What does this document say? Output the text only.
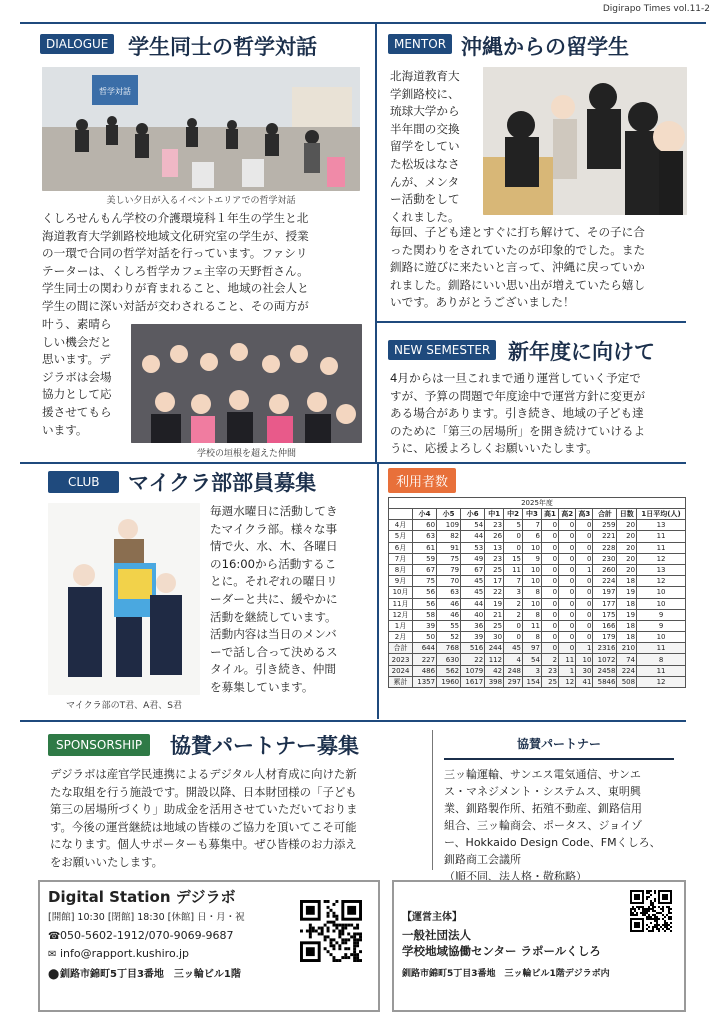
Digirapo Times vol.11-2
DIALOGUE 学生同士の哲学対話
哲学対話
美しい夕日が入るイベントエリアでの哲学対話
くしろせんもん学校の介護環境科１年生の学生と北
海道教育大学釧路校地域文化研究室の学生が、授業
の一環で合同の哲学対話を行っています。ファシリ
テーターは、くしろ哲学カフェ主宰の天野哲さん。
学生同士の関わりが育まれること、地域の社会人と
学生の間に深い対話が交わされること、その両方が
叶う、素晴ら
しい機会だと
思います。デ
ジラボは会場
協力として応
援させてもら
います。
学校の垣根を超えた仲間
MENTOR 沖縄からの留学生
北海道教育大
学釧路校に、
琉球大学から
半年間の交換
留学をしてい
た松坂はなさ
んが、メンタ
ー活動をして
くれました。
毎回、子ども達とすぐに打ち解けて、その子に合
った関わりをされていたのが印象的でした。また
釧路に遊びに来たいと言って、沖縄に戻っていか
れました。釧路にいい思い出が増えていたら嬉し
いです。ありがとうございました！
NEW SEMESTER 新年度に向けて
4月からは一旦これまで通り運営していく予定で
すが、予算の問題で年度途中で運営方針に変更が
ある場合があります。引き続き、地域の子ども達
のために「第三の居場所」を開き続けていけるよ
うに、応援よろしくお願いいたします。
CLUB	マイクラ部部員募集
マイクラ部のT君、A君、S君
毎週水曜日に活動してき
たマイクラ部。様々な事
情で火、水、木、各曜日
の16:00から活動するこ
とに。それぞれの曜日リ
ーダーと共に、緩やかに
活動を継続しています。
活動内容は当日のメンバ
ーで話し合って決めるス
タイル。引き続き、仲間
を募集しています。
利用者数
2025年度
	小4	小5	小6	中1	中2	中3	高1	高2	高3	合計	日数	1日平均(人)
4月	60	109	54	23	5	7	0	0	0	259	20	13
5月	63	82	44	26	0	6	0	0	0	221	20	11
6月	61	91	53	13	0	10	0	0	0	228	20	11
7月	59	75	49	23	15	9	0	0	0	230	20	12
8月	67	79	67	25	11	10	0	0	1	260	20	13
9月	75	70	45	17	7	10	0	0	0	224	18	12
10月	56	63	45	22	3	8	0	0	0	197	19	10
11月	56	46	44	19	2	10	0	0	0	177	18	10
12月	58	46	40	21	2	8	0	0	0	175	19	9
1月	39	55	36	25	0	11	0	0	0	166	18	9
2月	50	52	39	30	0	8	0	0	0	179	18	10
合計	644	768	516	244	45	97	0	0	1	2316	210	11
2023	227	630	22	112	4	54	2	11	10	1072	74	8
2024	486	562	1079	42	248	3	23	1	30	2458	224	11
累計	1357	1960	1617	398	297	154	25	12	41	5846	508	12
SPONSORSHIP	協賛パートナー募集
デジラボは産官学民連携によるデジタル人材育成に向けた新
たな取組を行う施設です。開設以降、日本財団様の「子ども
第三の居場所づくり」助成金を活用させていただいておりま
す。今後の運営継続は地域の皆様のご協力を頂いてこそ可能
になります。個人サポーターも募集中。ぜひ皆様のお力添え
をお願いいたします。
協賛パートナー
三ッ輪運輸、サンエス電気通信、サンエ
ス・マネジメント・システムス、東明興
業、釧路製作所、拓殖不動産、釧路信用
組合、三ッ輪商会、ポータス、ジョイゾ
ー、Hokkaido Design Code、FMくしろ、
釧路商工会議所
（順不同、法人格・敬称略）
Digital Station デジラボ
[開館] 10:30 [閉館] 18:30 [休館] 日・月・祝
☎050-5602-1912/070-9069-9687
✉ info@rapport.kushiro.jp
⬤釧路市錦町5丁目3番地　三ッ輪ビル1階
【運営主体】
一般社団法人
学校地域協働センター ラポールくしろ
釧路市錦町5丁目3番地　三ッ輪ビル1階デジラボ内
